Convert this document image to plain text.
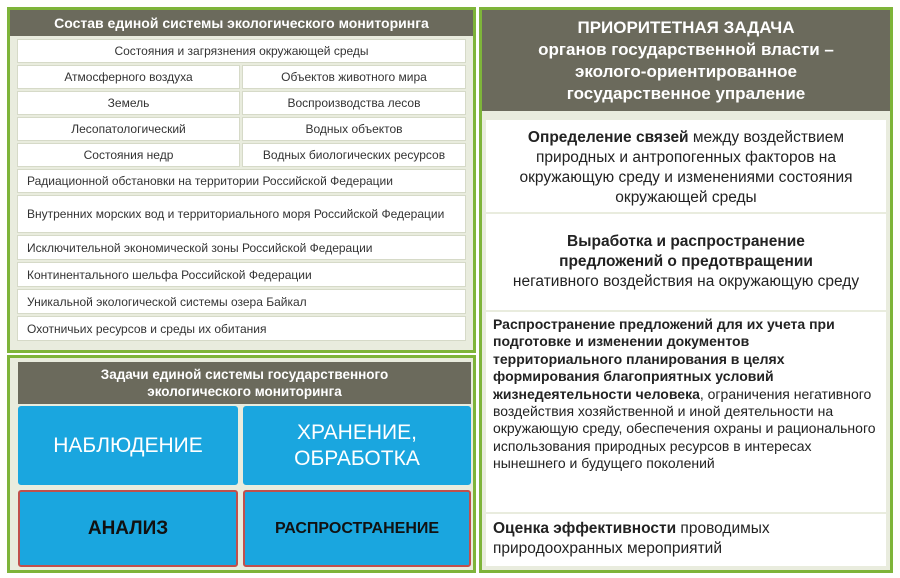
Состав единой системы экологического мониторинга
Состояния и загрязнения окружающей среды
Атмосферного воздуха	Объектов животного мира
Земель	Воспроизводства лесов
Лесопатологический	Водных объектов
Состояния недр	Водных биологических ресурсов
Радиационной обстановки на территории Российской Федерации
Внутренних морских вод и территориального моря Российской Федерации
Исключительной экономической зоны Российской Федерации
Континентального шельфа Российской Федерации
Уникальной экологической системы озера Байкал
Охотничьих ресурсов и среды их обитания
Задачи единой системы государственного
экологического мониторинга
НАБЛЮДЕНИЕ
ХРАНЕНИЕ,
ОБРАБОТКА
АНАЛИЗ	РАСПРОСТРАНЕНИЕ
ПРИОРИТЕТНАЯ ЗАДАЧА
органов государственной власти –
эколого-ориентированное
государственное упраление
Определение связей между воздействием природных и антропогенных факторов на окружающую среду и изменениями состояния окружающей среды
Выработка и распространение
предложений о предотвращении
негативного воздействия на окружающую среду
Распространение предложений для их учета при подготовке и изменении документов территориального планирования в целях формирования благоприятных условий жизнедеятельности человека, ограничения негативного воздействия хозяйственной и иной деятельности на окружающую среду, обеспечения охраны и рационального использования природных ресурсов в интересах нынешнего и будущего поколений
Оценка эффективности проводимых природоохранных мероприятий
